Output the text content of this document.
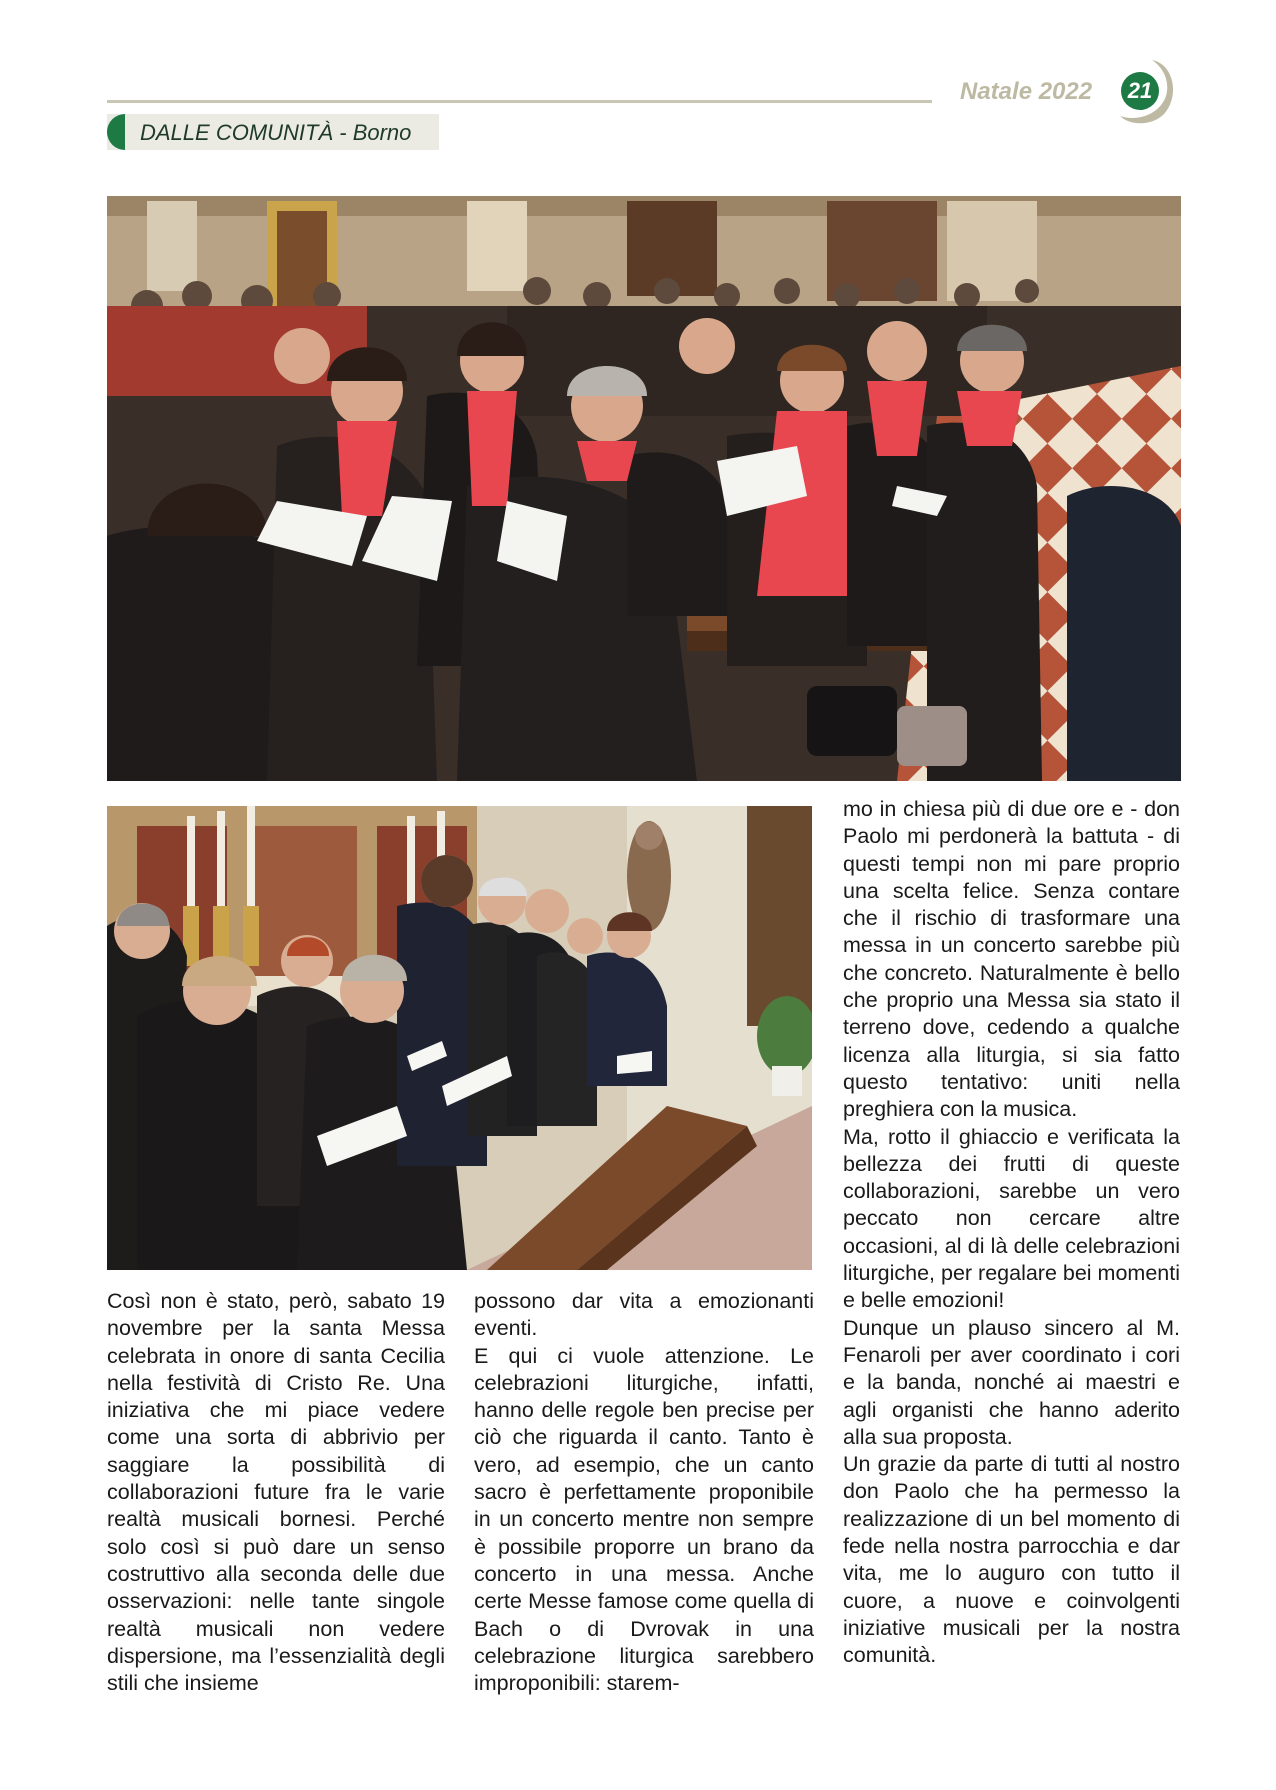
Natale 2022	21
DALLE COMUNITÀ - Borno

Così non è stato, però, sabato 19 novembre per la santa Messa celebrata in onore di santa Cecilia nella festività di Cristo Re. Una iniziativa che mi piace vedere come una sorta di abbrivio per saggiare la possibilità di collaborazioni future fra le varie realtà musicali bornesi. Perché solo così si può dare un senso costruttivo alla seconda delle due osservazioni: nelle tante singole realtà musicali non vedere dispersione, ma l’essenzialità degli stili che insieme

possono dar vita a emozionanti eventi.

E qui ci vuole attenzione. Le celebrazioni liturgiche, infatti, hanno delle regole ben precise per ciò che riguarda il canto. Tanto è vero, ad esempio, che un canto sacro è perfettamente proponibile in un concerto mentre non sempre è possibile proporre un brano da concerto in una messa. Anche certe Messe famose come quella di Bach o di Dvrovak in una celebrazione liturgica sarebbero improponibili: starem-

mo in chiesa più di due ore e - don Paolo mi perdonerà la battuta - di questi tempi non mi pare proprio una scelta felice. Senza contare che il rischio di trasformare una messa in un concerto sarebbe più che concreto. Naturalmente è bello che proprio una Messa sia stato il terreno dove, cedendo a qualche licenza alla liturgia, si sia fatto questo tentativo: uniti nella preghiera con la musica.

Ma, rotto il ghiaccio e verificata la bellezza dei frutti di queste collaborazioni, sarebbe un vero peccato non cercare altre occasioni, al di là delle celebrazioni liturgiche, per regalare bei momenti e belle emozioni!

Dunque un plauso sincero al M. Fenaroli per aver coordinato i cori e la banda, nonché ai maestri e agli organisti che hanno aderito alla sua proposta.

Un grazie da parte di tutti al nostro don Paolo che ha permesso la realizzazione di un bel momento di fede nella nostra parrocchia e dar vita, me lo auguro con tutto il cuore, a nuove e coinvolgenti iniziative musicali per la nostra comunità.
